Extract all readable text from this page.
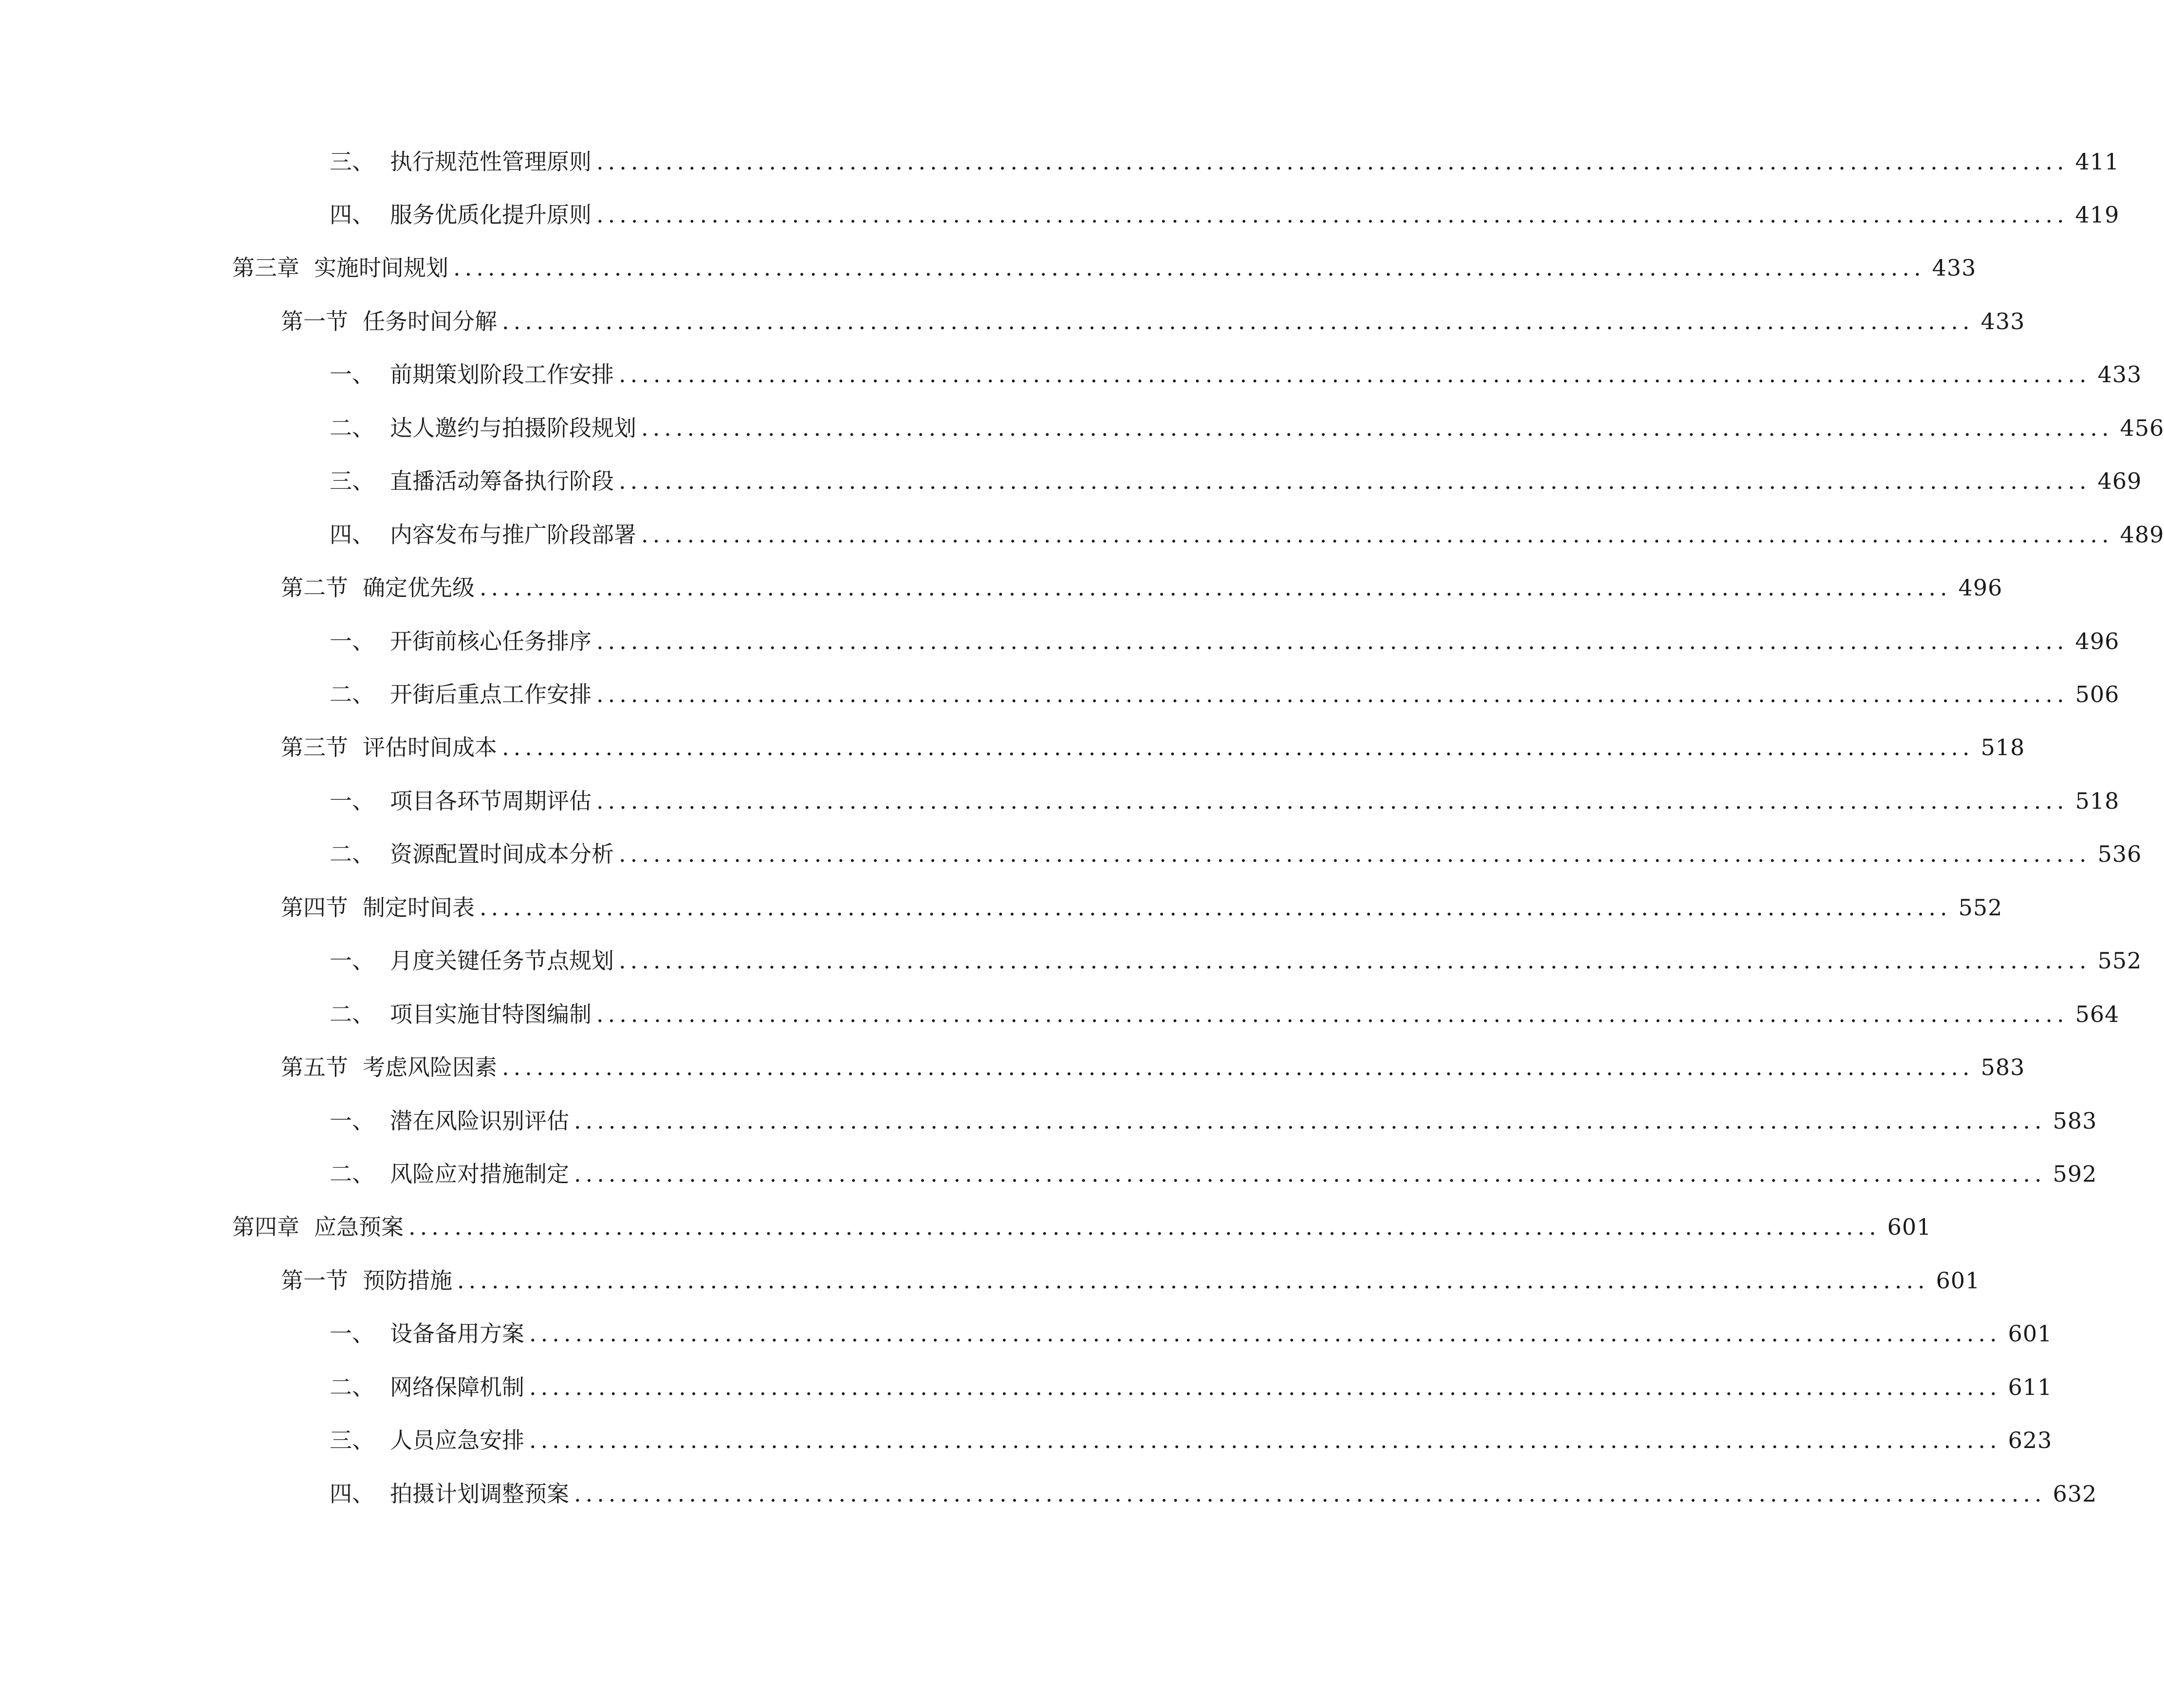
三、 执行规范性管理原则 ................................................................................................................................ 411
四、 服务优质化提升原则 ................................................................................................................................ 419
第三章 实施时间规划 ................................................................................................................................ 433
第一节 任务时间分解 ................................................................................................................................ 433
一、 前期策划阶段工作安排 ................................................................................................................................ 433
二、 达人邀约与拍摄阶段规划 ................................................................................................................................ 456
三、 直播活动筹备执行阶段 ................................................................................................................................ 469
四、 内容发布与推广阶段部署 ................................................................................................................................ 489
第二节 确定优先级 ................................................................................................................................ 496
一、 开街前核心任务排序 ................................................................................................................................ 496
二、 开街后重点工作安排 ................................................................................................................................ 506
第三节 评估时间成本 ................................................................................................................................ 518
一、 项目各环节周期评估 ................................................................................................................................ 518
二、 资源配置时间成本分析 ................................................................................................................................ 536
第四节 制定时间表 ................................................................................................................................ 552
一、 月度关键任务节点规划 ................................................................................................................................ 552
二、 项目实施甘特图编制 ................................................................................................................................ 564
第五节 考虑风险因素 ................................................................................................................................ 583
一、 潜在风险识别评估 ................................................................................................................................ 583
二、 风险应对措施制定 ................................................................................................................................ 592
第四章 应急预案 ................................................................................................................................ 601
第一节 预防措施 ................................................................................................................................ 601
一、 设备备用方案 ................................................................................................................................ 601
二、 网络保障机制 ................................................................................................................................ 611
三、 人员应急安排 ................................................................................................................................ 623
四、 拍摄计划调整预案 ................................................................................................................................ 632
